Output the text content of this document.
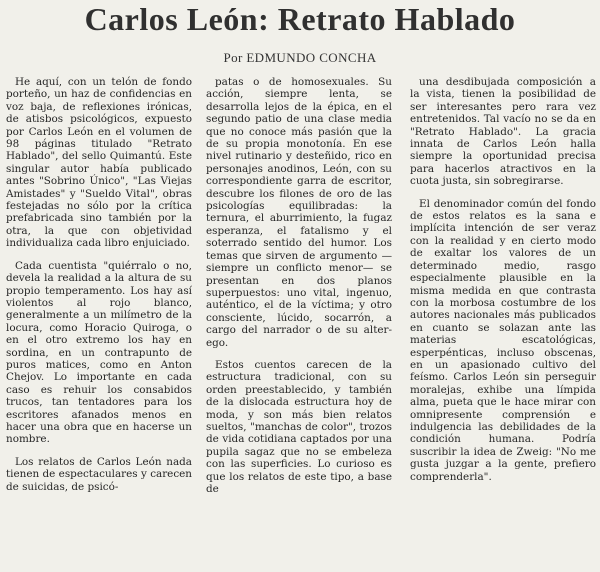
Carlos León: Retrato Hablado
Por EDMUNDO CONCHA

He aquí, con un telón de fondo porteño, un haz de confidencias en voz baja, de reflexiones irónicas, de atisbos psicológicos, expuesto por Carlos León en el volumen de 98 páginas titulado "Retrato Hablado", del sello Quimantú. Este singular autor había publicado antes "Sobrino Único", "Las Viejas Amistades" y "Sueldo Vital", obras festejadas no sólo por la crítica prefabricada sino también por la otra, la que con objetividad individualiza cada libro enjuiciado.

Cada cuentista "quiérralo o no, devela la realidad a la altura de su propio temperamento. Los hay así violentos al rojo blanco, generalmente a un milímetro de la locura, como Horacio Quiroga, o en el otro extremo los hay en sordina, en un contrapunto de puros matices, como en Anton Chejov. Lo importante en cada caso es rehuir los consabidos trucos, tan tentadores para los escritores afanados menos en hacer una obra que en hacerse un nombre.

Los relatos de Carlos León nada tienen de espectaculares y carecen de suicidas, de psicó-

patas o de homosexuales. Su acción, siempre lenta, se desarrolla lejos de la épica, en el segundo patio de una clase media que no conoce más pasión que la de su propia monotonía. En ese nivel rutinario y desteñido, rico en personajes anodinos, León, con su correspondiente garra de escritor, descubre los filones de oro de las psicologías equilibradas: la ternura, el aburrimiento, la fugaz esperanza, el fatalismo y el soterrado sentido del humor. Los temas que sirven de argumento —siempre un conflicto menor— se presentan en dos planos superpuestos: uno vital, ingenuo, auténtico, el de la víctima; y otro consciente, lúcido, socarrón, a cargo del narrador o de su alter-ego.

Estos cuentos carecen de la estructura tradicional, con su orden preestablecido, y también de la dislocada estructura hoy de moda, y son más bien relatos sueltos, "manchas de color", trozos de vida cotidiana captados por una pupila sagaz que no se embeleza con las superficies. Lo curioso es que los relatos de este tipo, a base de

una desdibujada composición a la vista, tienen la posibilidad de ser interesantes pero rara vez entretenidos. Tal vacío no se da en "Retrato Hablado". La gracia innata de Carlos León halla siempre la oportunidad precisa para hacerlos atractivos en la cuota justa, sin sobregirarse.

El denominador común del fondo de estos relatos es la sana e implícita intención de ser veraz con la realidad y en cierto modo de exaltar los valores de un determinado medio, rasgo especialmente plausible en la misma medida en que contrasta con la morbosa costumbre de los autores nacionales más publicados en cuanto se solazan ante las materias escatológicas, esperpénticas, incluso obscenas, en un apasionado cultivo del feísmo. Carlos León sin perseguir moralejas, exhibe una límpida alma, pueta que le hace mirar con omnipresente comprensión e indulgencia las debilidades de la condición humana. Podría suscribir la idea de Zweig: "No me gusta juzgar a la gente, prefiero comprenderla".
